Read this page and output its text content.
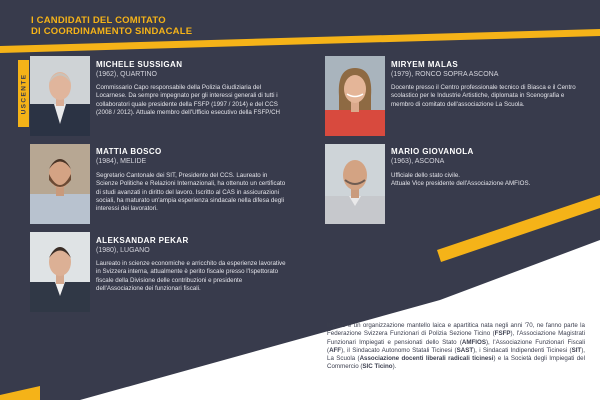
I CANDIDATI DEL COMITATO
DI COORDINAMENTO SINDACALE
USCENTE
MICHELE SUSSIGAN
(1962), QUARTINO
Commissario Capo responsabile della Polizia Giudiziaria del Locarnese. Da sempre impegnato per gli interessi generali di tutti i collaboratori quale presidente della FSFP (1997 / 2014) e del CCS (2008 / 2012). Attuale membro dell'Ufficio esecutivo della FSFP/CH
MATTIA BOSCO
(1984), MELIDE
Segretario Cantonale dei SIT, Presidente del CCS. Laureato in Scienze Politiche e Relazioni Internazionali, ha ottenuto un certificato di studi avanzati in diritto del lavoro. Iscritto al CAS in assicurazioni sociali, ha maturato un'ampia esperienza sindacale nella difesa degli interessi dei lavoratori.
ALEKSANDAR PEKAR
(1980), LUGANO
Laureato in scienze economiche e arricchito da esperienze lavorative in Svizzera interna, attualmente è perito fiscale presso l'Ispettorato fiscale della Divisione delle contribuzioni e presidente dell'Associazione dei funzionari fiscali.
MIRYEM MALAS
(1979), RONCO SOPRA ASCONA
Docente presso il Centro professionale tecnico di Biasca e il Centro scolastico per le Industrie Artistiche, diplomata in Scenografia e membro di comitato dell'associazione La Scuola.
MARIO GIOVANOLA
(1963), ASCONA
Ufficiale dello stato civile.
Attuale Vice presidente dell'Associazione AMFIOS.
Il CCS è un organizzazione mantello laica e apartitica nata negli anni '70, ne fanno parte la Federazione Svizzera Funzionari di Polizia Sezione Ticino (FSFP), l'Associazione Magistrati Funzionari Impiegati e pensionati dello Stato (AMFIOS), l'Associazione Funzionari Fiscali (AFF), il Sindacato Autonomo Statali Ticinesi (SAST), i Sindacati Indipendenti Ticinesi (SIT), La Scuola (Associazione docenti liberali radicali ticinesi) e la Società degli Impiegati del Commercio (SIC Ticino).
